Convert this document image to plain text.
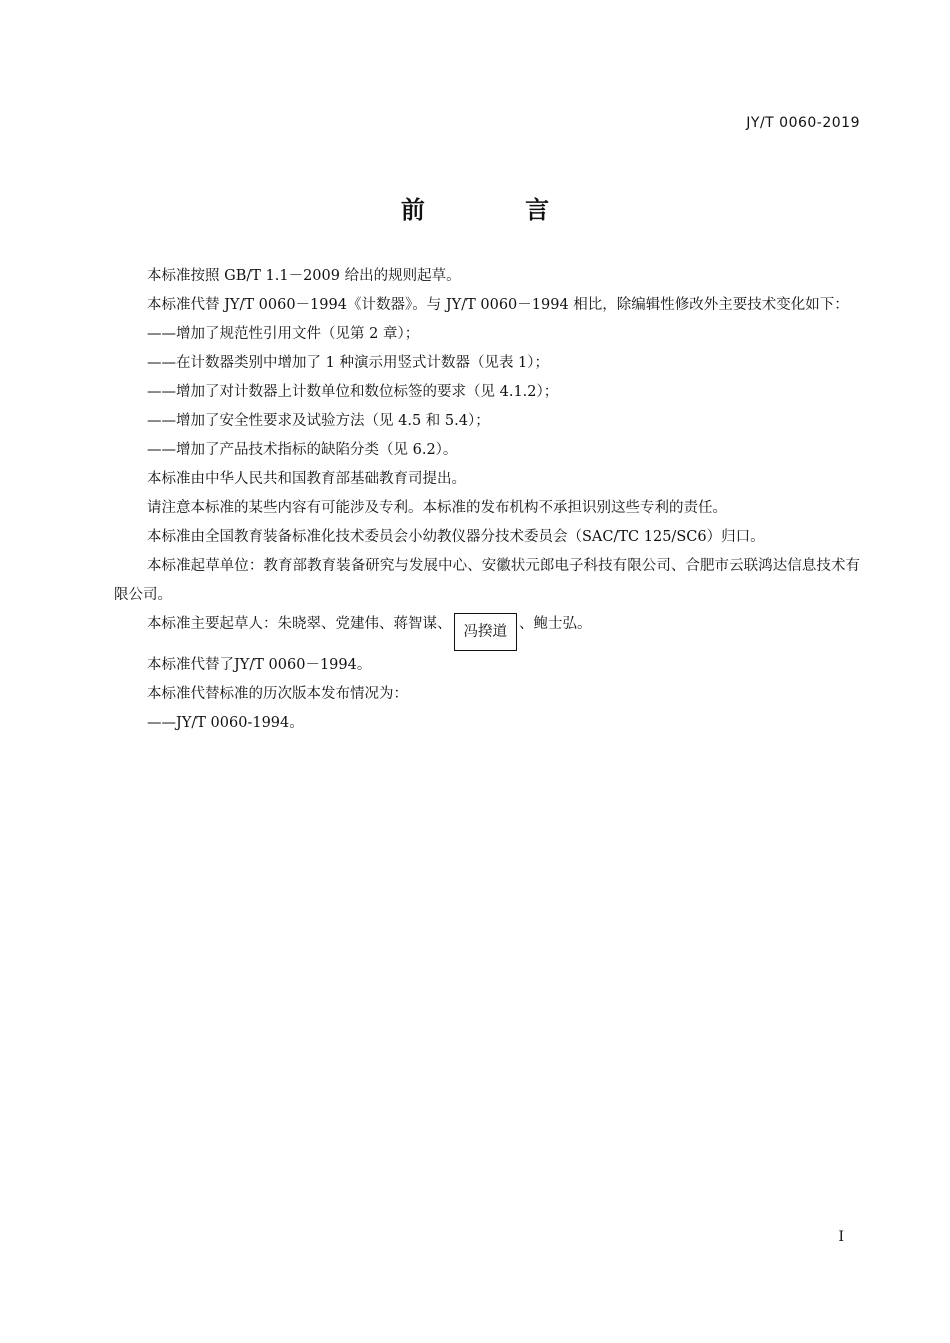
JY/T 0060-2019
前 言

本标准按照 GB/T 1.1－2009 给出的规则起草。

本标准代替 JY/T 0060－1994《计数器》。与 JY/T 0060－1994 相比，除编辑性修改外主要技术变化如下：

——增加了规范性引用文件（见第 2 章）；

——在计数器类别中增加了 1 种演示用竖式计数器（见表 1）；

——增加了对计数器上计数单位和数位标签的要求（见 4.1.2）；

——增加了安全性要求及试验方法（见 4.5 和 5.4）；

——增加了产品技术指标的缺陷分类（见 6.2）。

本标准由中华人民共和国教育部基础教育司提出。

请注意本标准的某些内容有可能涉及专利。本标准的发布机构不承担识别这些专利的责任。

本标准由全国教育装备标准化技术委员会小幼教仪器分技术委员会（SAC/TC 125/SC6）归口。

本标准起草单位：教育部教育装备研究与发展中心、安徽状元郎电子科技有限公司、合肥市云联鸿达信息技术有限公司。

本标准主要起草人：朱晓翠、党建伟、蒋智谋、 冯揆道 、鲍士弘。

本标准代替了JY/T 0060－1994。

本标准代替标准的历次版本发布情况为：

——JY/T 0060-1994。

I
